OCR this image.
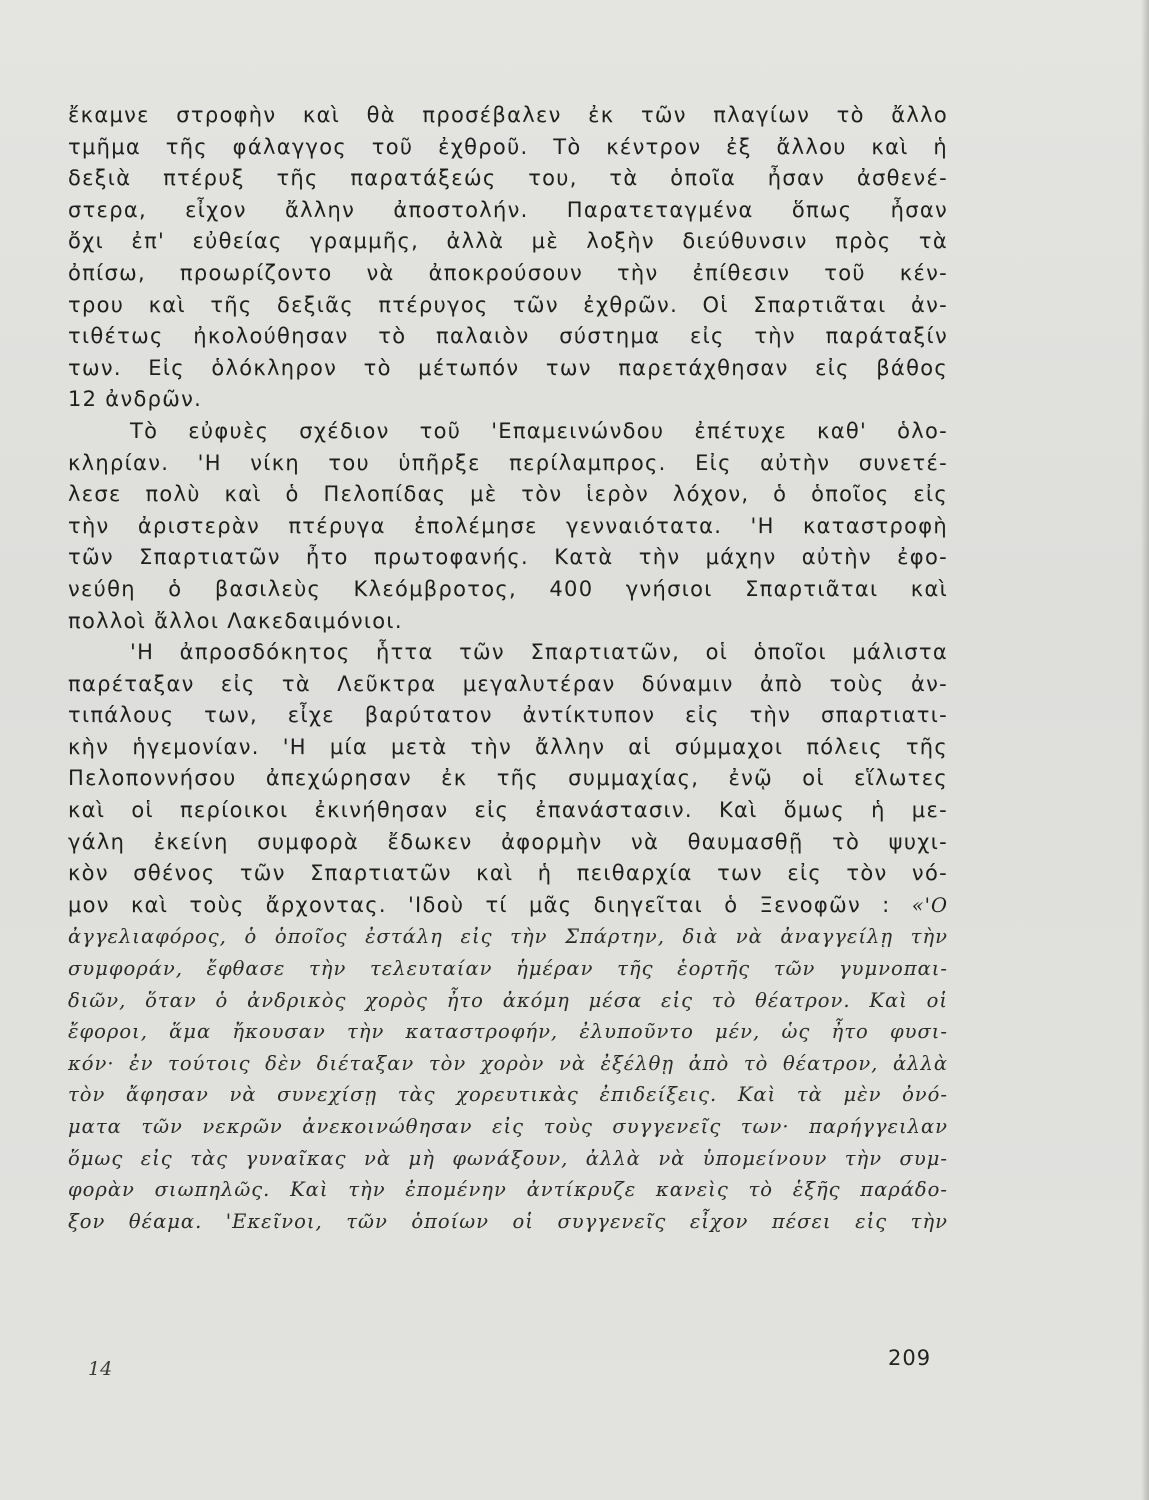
ἔκαμνε στροφὴν καὶ θὰ προσέβαλεν ἐκ τῶν πλαγίων τὸ ἄλλο
τμῆμα τῆς φάλαγγος τοῦ ἐχθροῦ. Τὸ κέντρον ἐξ ἄλλου καὶ ἡ
δεξιὰ πτέρυξ τῆς παρατάξεώς του, τὰ ὁποῖα ἦσαν ἀσθενέ-
στερα, εἶχον ἄλλην ἀποστολήν. Παρατεταγμένα ὅπως ἦσαν
ὄχι ἐπ' εὐθείας γραμμῆς, ἀλλὰ μὲ λοξὴν διεύθυνσιν πρὸς τὰ
ὀπίσω, προωρίζοντο νὰ ἀποκρούσουν τὴν ἐπίθεσιν τοῦ κέν-
τρου καὶ τῆς δεξιᾶς πτέρυγος τῶν ἐχθρῶν. Οἱ Σπαρτιᾶται ἀν-
τιθέτως ἠκολούθησαν τὸ παλαιὸν σύστημα εἰς τὴν παράταξίν
των. Εἰς ὁλόκληρον τὸ μέτωπόν των παρετάχθησαν εἰς βάθος
12 ἀνδρῶν.
Τὸ εὐφυὲς σχέδιον τοῦ 'Επαμεινώνδου ἐπέτυχε καθ' ὁλο-
κληρίαν. 'Η νίκη του ὑπῆρξε περίλαμπρος. Εἰς αὐτὴν συνετέ-
λεσε πολὺ καὶ ὁ Πελοπίδας μὲ τὸν ἱερὸν λόχον, ὁ ὁποῖος εἰς
τὴν ἀριστερὰν πτέρυγα ἐπολέμησε γενναιότατα. 'Η καταστροφὴ
τῶν Σπαρτιατῶν ἦτο πρωτοφανής. Κατὰ τὴν μάχην αὐτὴν ἐφο-
νεύθη ὁ βασιλεὺς Κλεόμβροτος, 400 γνήσιοι Σπαρτιᾶται καὶ
πολλοὶ ἄλλοι Λακεδαιμόνιοι.
'Η ἀπροσδόκητος ἧττα τῶν Σπαρτιατῶν, οἱ ὁποῖοι μάλιστα
παρέταξαν εἰς τὰ Λεῦκτρα μεγαλυτέραν δύναμιν ἀπὸ τοὺς ἀν-
τιπάλους των, εἶχε βαρύτατον ἀντίκτυπον εἰς τὴν σπαρτιατι-
κὴν ἡγεμονίαν. 'Η μία μετὰ τὴν ἄλλην αἱ σύμμαχοι πόλεις τῆς
Πελοποννήσου ἀπεχώρησαν ἐκ τῆς συμμαχίας, ἐνῷ οἱ εἵλωτες
καὶ οἱ περίοικοι ἐκινήθησαν εἰς ἐπανάστασιν. Καὶ ὅμως ἡ με-
γάλη ἐκείνη συμφορὰ ἔδωκεν ἀφορμὴν νὰ θαυμασθῇ τὸ ψυχι-
κὸν σθένος τῶν Σπαρτιατῶν καὶ ἡ πειθαρχία των εἰς τὸν νό-
μον καὶ τοὺς ἄρχοντας. 'Ιδοὺ τί μᾶς διηγεῖται ὁ Ξενοφῶν : «'Ο
ἀγγελιαφόρος, ὁ ὁποῖος ἐστάλη εἰς τὴν Σπάρτην, διὰ νὰ ἀναγγείλῃ τὴν
συμφοράν, ἔφθασε τὴν τελευταίαν ἡμέραν τῆς ἑορτῆς τῶν γυμνοπαι-
διῶν, ὅταν ὁ ἀνδρικὸς χορὸς ἦτο ἀκόμη μέσα εἰς τὸ θέατρον. Καὶ οἱ
ἔφοροι, ἅμα ἤκουσαν τὴν καταστροφήν, ἐλυποῦντο μέν, ὡς ἦτο φυσι-
κόν· ἐν τούτοις δὲν διέταξαν τὸν χορὸν νὰ ἐξέλθῃ ἀπὸ τὸ θέατρον, ἀλλὰ
τὸν ἄφησαν νὰ συνεχίσῃ τὰς χορευτικὰς ἐπιδείξεις. Καὶ τὰ μὲν ὀνό-
ματα τῶν νεκρῶν ἀνεκοινώθησαν εἰς τοὺς συγγενεῖς των· παρήγγειλαν
ὅμως εἰς τὰς γυναῖκας νὰ μὴ φωνάξουν, ἀλλὰ νὰ ὑπομείνουν τὴν συμ-
φορὰν σιωπηλῶς. Καὶ τὴν ἐπομένην ἀντίκρυζε κανεὶς τὸ ἑξῆς παράδο-
ξον θέαμα. 'Εκεῖνοι, τῶν ὁποίων οἱ συγγενεῖς εἶχον πέσει εἰς τὴν
14	209
